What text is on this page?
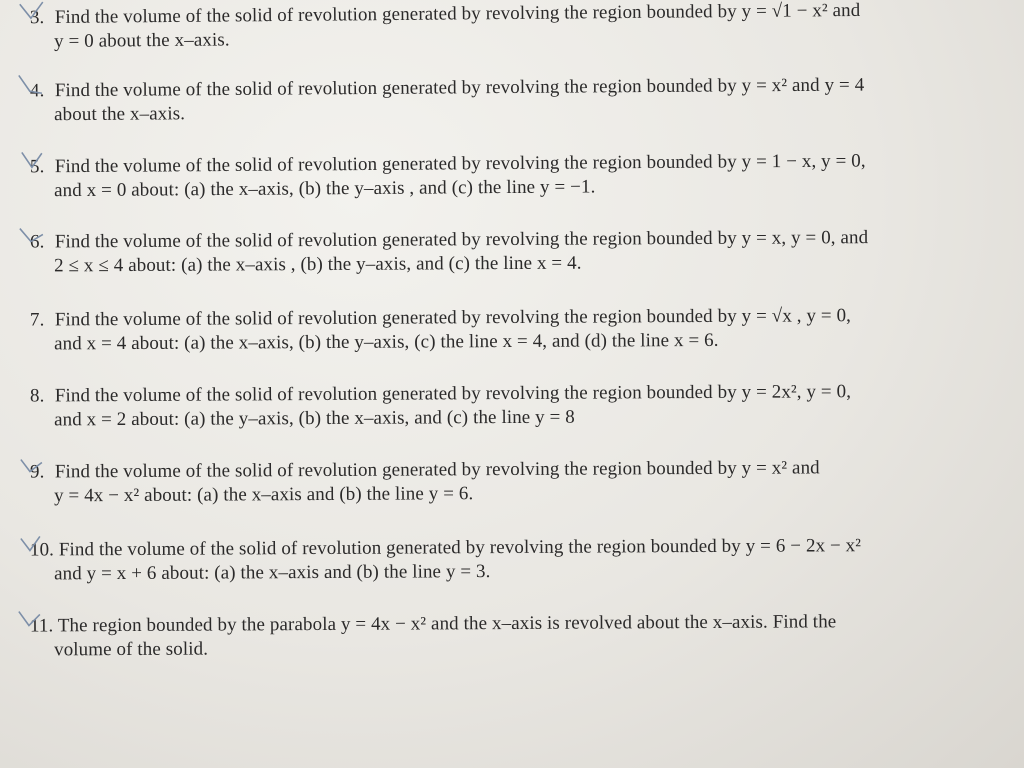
3. Find the volume of the solid of revolution generated by revolving the region bounded by y = √1 − x² and
y = 0 about the x–axis.
4. Find the volume of the solid of revolution generated by revolving the region bounded by y = x² and y = 4
about the x–axis.
5. Find the volume of the solid of revolution generated by revolving the region bounded by y = 1 − x, y = 0,
and x = 0 about: (a) the x–axis, (b) the y–axis , and (c) the line y = −1.
6. Find the volume of the solid of revolution generated by revolving the region bounded by y = x, y = 0, and
2 ≤ x ≤ 4 about: (a) the x–axis , (b) the y–axis, and (c) the line x = 4.
7. Find the volume of the solid of revolution generated by revolving the region bounded by y = √x , y = 0,
and x = 4 about: (a) the x–axis, (b) the y–axis, (c) the line x = 4, and (d) the line x = 6.
8. Find the volume of the solid of revolution generated by revolving the region bounded by y = 2x², y = 0,
and x = 2 about: (a) the y–axis, (b) the x–axis, and (c) the line y = 8
9. Find the volume of the solid of revolution generated by revolving the region bounded by y = x² and
y = 4x − x² about: (a) the x–axis and (b) the line y = 6.
10. Find the volume of the solid of revolution generated by revolving the region bounded by y = 6 − 2x − x²
and y = x + 6 about: (a) the x–axis and (b) the line y = 3.
11. The region bounded by the parabola y = 4x − x² and the x–axis is revolved about the x–axis. Find the
volume of the solid.
